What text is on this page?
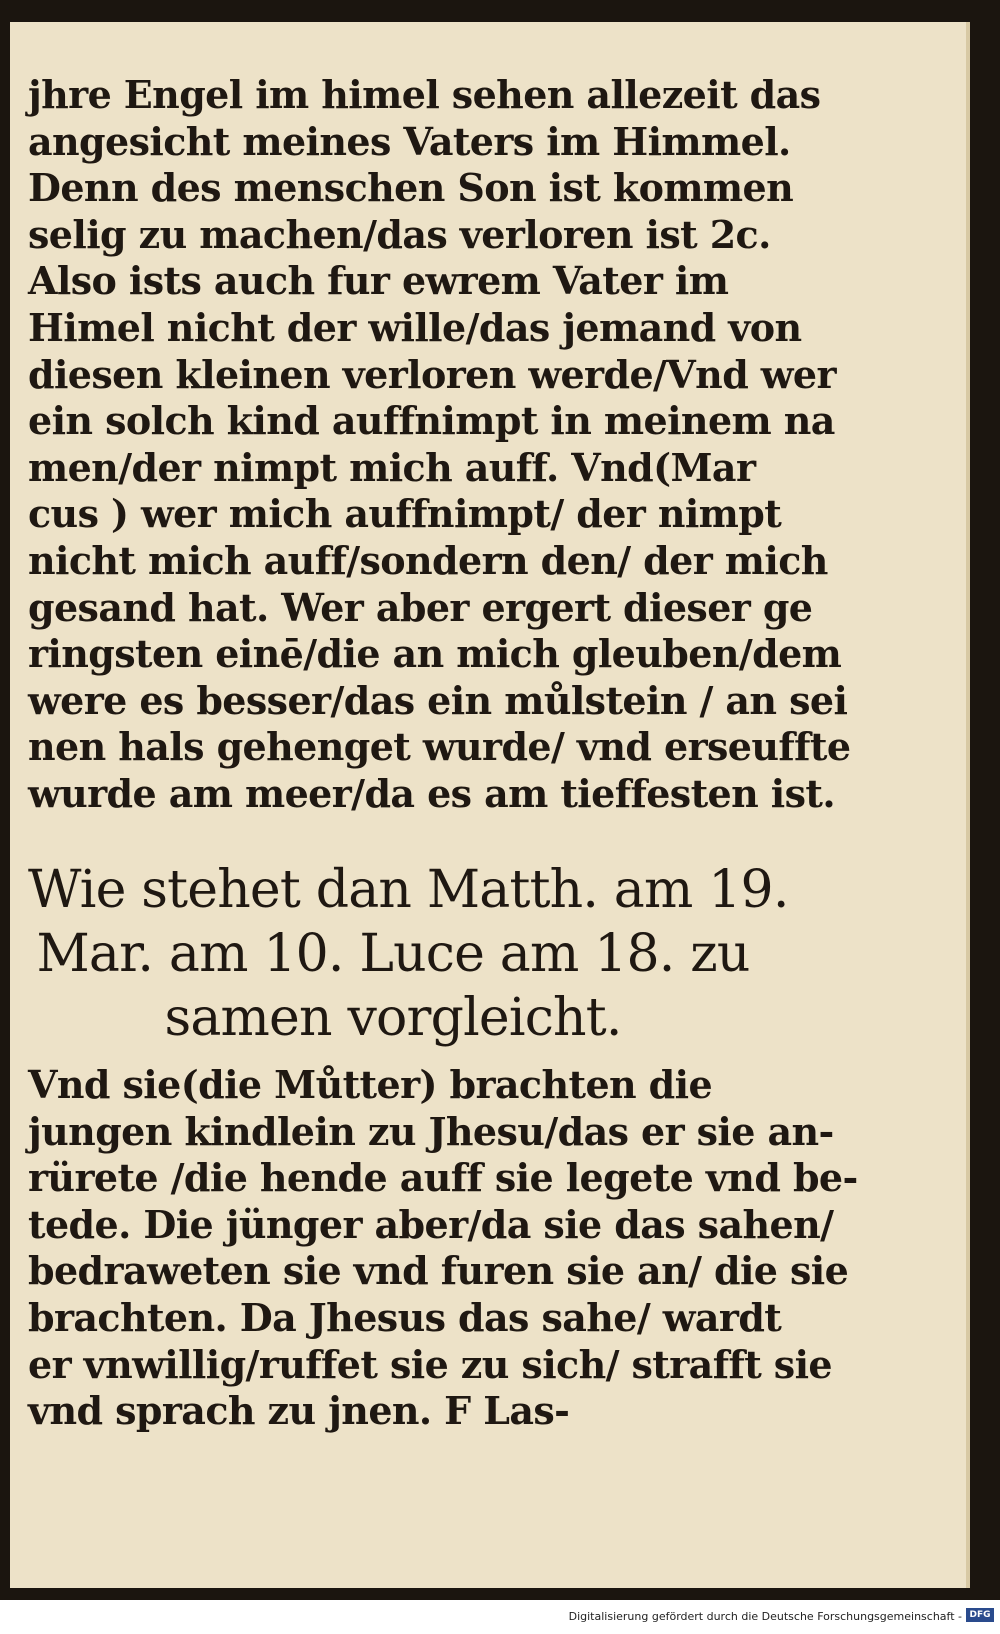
jhre Engel im himel sehen allezeit das
angesicht meines Vaters im Himmel.
Denn des menschen Son ist kommen
selig zu machen/das verloren ist 2c.
Also ists auch fur ewrem Vater im
Himel nicht der wille/das jemand von
diesen kleinen verloren werde/Vnd wer
ein solch kind auffnimpt in meinem na
men/der nimpt mich auff. Vnd(Mar
cus ) wer mich auffnimpt/ der nimpt
nicht mich auff/sondern den/ der mich
gesand hat. Wer aber ergert dieser ge
ringsten einē/die an mich gleuben/dem
were es besser/das ein můlstein / an sei
nen hals gehenget wurde/ vnd erseuffte
wurde am meer/da es am tieffesten ist.
Wie stehet dan Matth. am 19.
Mar. am 10. Luce am 18. zu
samen vorgleicht.
Vnd sie(die Můtter) brachten die
jungen kindlein zu Jhesu/das er sie an-
rürete /die hende auff sie legete vnd be-
tede. Die jünger aber/da sie das sahen/
bedraweten sie vnd furen sie an/ die sie
brachten. Da Jhesus das sahe/ wardt
er vnwillig/ruffet sie zu sich/ strafft sie
vnd sprach zu jnen. F Las-
Digitalisierung gefördert durch die Deutsche Forschungsgemeinschaft - DFG
